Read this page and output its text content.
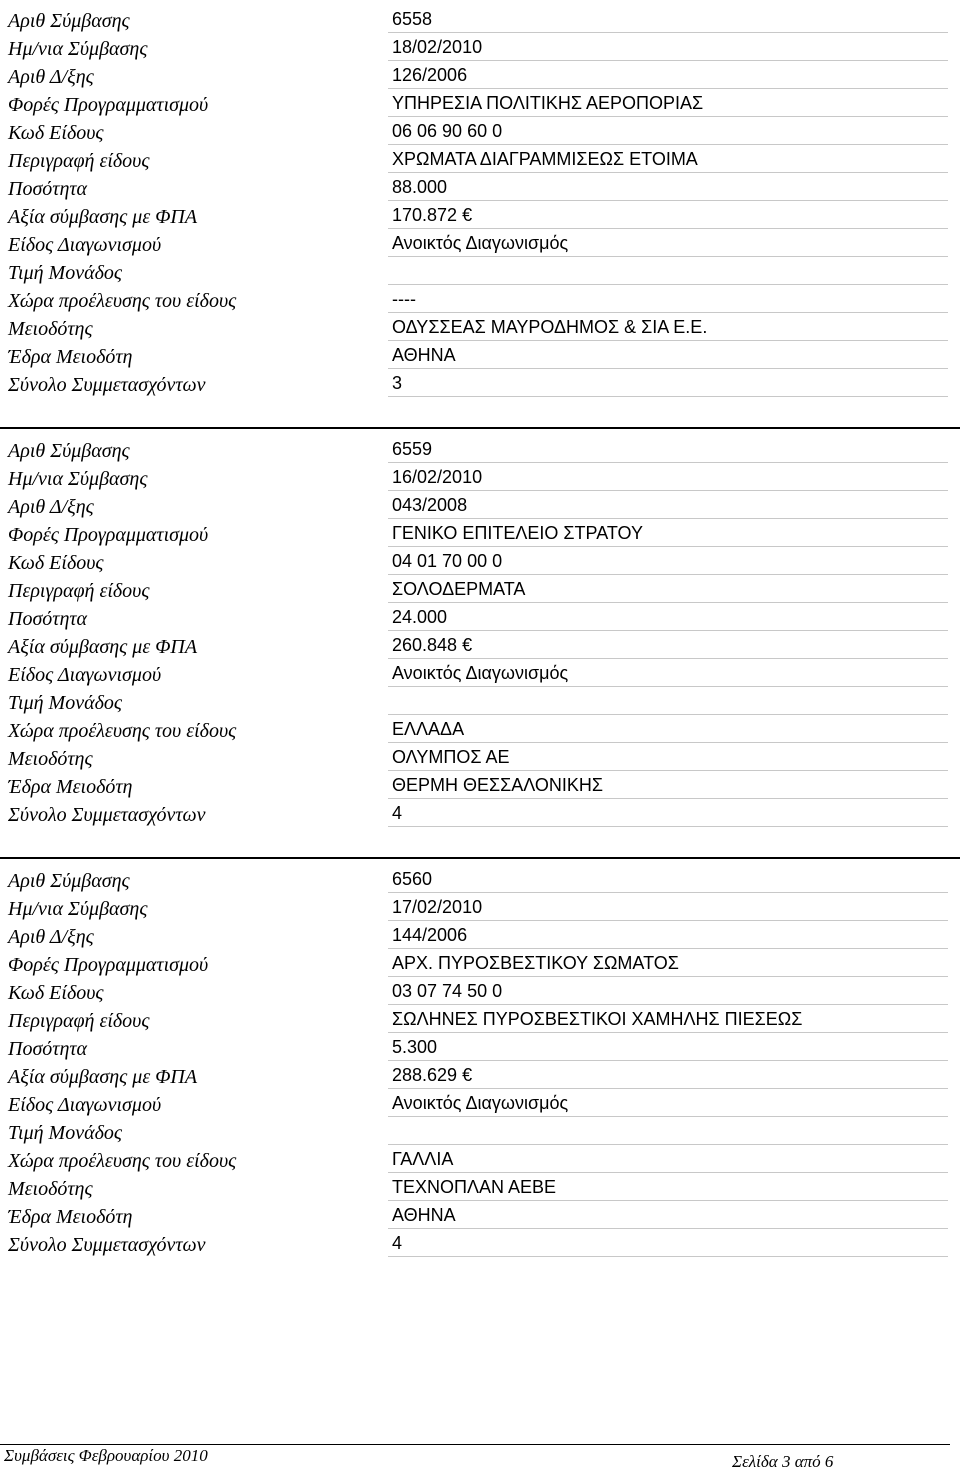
Αριθ Σύμβασης	6558
Ημ/νια Σύμβασης	18/02/2010
Αριθ Δ/ξης	126/2006
Φορές Προγραμματισμού	ΥΠΗΡΕΣΙΑ ΠΟΛΙΤΙΚΗΣ ΑΕΡΟΠΟΡΙΑΣ
Κωδ Είδους	06 06 90 60 0
Περιγραφή είδους	ΧΡΩΜΑΤΑ ΔΙΑΓΡΑΜΜΙΣΕΩΣ ΕΤΟΙΜΑ
Ποσότητα	88.000
Αξία σύμβασης με ΦΠΑ	170.872 €
Είδος Διαγωνισμού	Ανοικτός Διαγωνισμός
Τιμή Μονάδος
Χώρα προέλευσης του είδους	----
Μειοδότης	ΟΔΥΣΣΕΑΣ ΜΑΥΡΟΔΗΜΟΣ & ΣΙΑ Ε.Ε.
Έδρα Μειοδότη	ΑΘΗΝΑ
Σύνολο Συμμετασχόντων	3
Αριθ Σύμβασης	6559
Ημ/νια Σύμβασης	16/02/2010
Αριθ Δ/ξης	043/2008
Φορές Προγραμματισμού	ΓΕΝΙΚΟ ΕΠΙΤΕΛΕΙΟ ΣΤΡΑΤΟΥ
Κωδ Είδους	04 01 70 00 0
Περιγραφή είδους	ΣΟΛΟΔΕΡΜΑΤΑ
Ποσότητα	24.000
Αξία σύμβασης με ΦΠΑ	260.848 €
Είδος Διαγωνισμού	Ανοικτός Διαγωνισμός
Τιμή Μονάδος
Χώρα προέλευσης του είδους	ΕΛΛΑΔΑ
Μειοδότης	ΟΛΥΜΠΟΣ ΑΕ
Έδρα Μειοδότη	ΘΕΡΜΗ ΘΕΣΣΑΛΟΝΙΚΗΣ
Σύνολο Συμμετασχόντων	4
Αριθ Σύμβασης	6560
Ημ/νια Σύμβασης	17/02/2010
Αριθ Δ/ξης	144/2006
Φορές Προγραμματισμού	ΑΡΧ. ΠΥΡΟΣΒΕΣΤΙΚΟΥ ΣΩΜΑΤΟΣ
Κωδ Είδους	03 07 74 50 0
Περιγραφή είδους	ΣΩΛΗΝΕΣ ΠΥΡΟΣΒΕΣΤΙΚΟΙ ΧΑΜΗΛΗΣ ΠΙΕΣΕΩΣ
Ποσότητα	5.300
Αξία σύμβασης με ΦΠΑ	288.629 €
Είδος Διαγωνισμού	Ανοικτός Διαγωνισμός
Τιμή Μονάδος
Χώρα προέλευσης του είδους	ΓΑΛΛΙΑ
Μειοδότης	ΤΕΧΝΟΠΛΑΝ ΑΕΒΕ
Έδρα Μειοδότη	ΑΘΗΝΑ
Σύνολο Συμμετασχόντων	4
Συμβάσεις Φεβρουαρίου 2010	Σελίδα 3 από 6
